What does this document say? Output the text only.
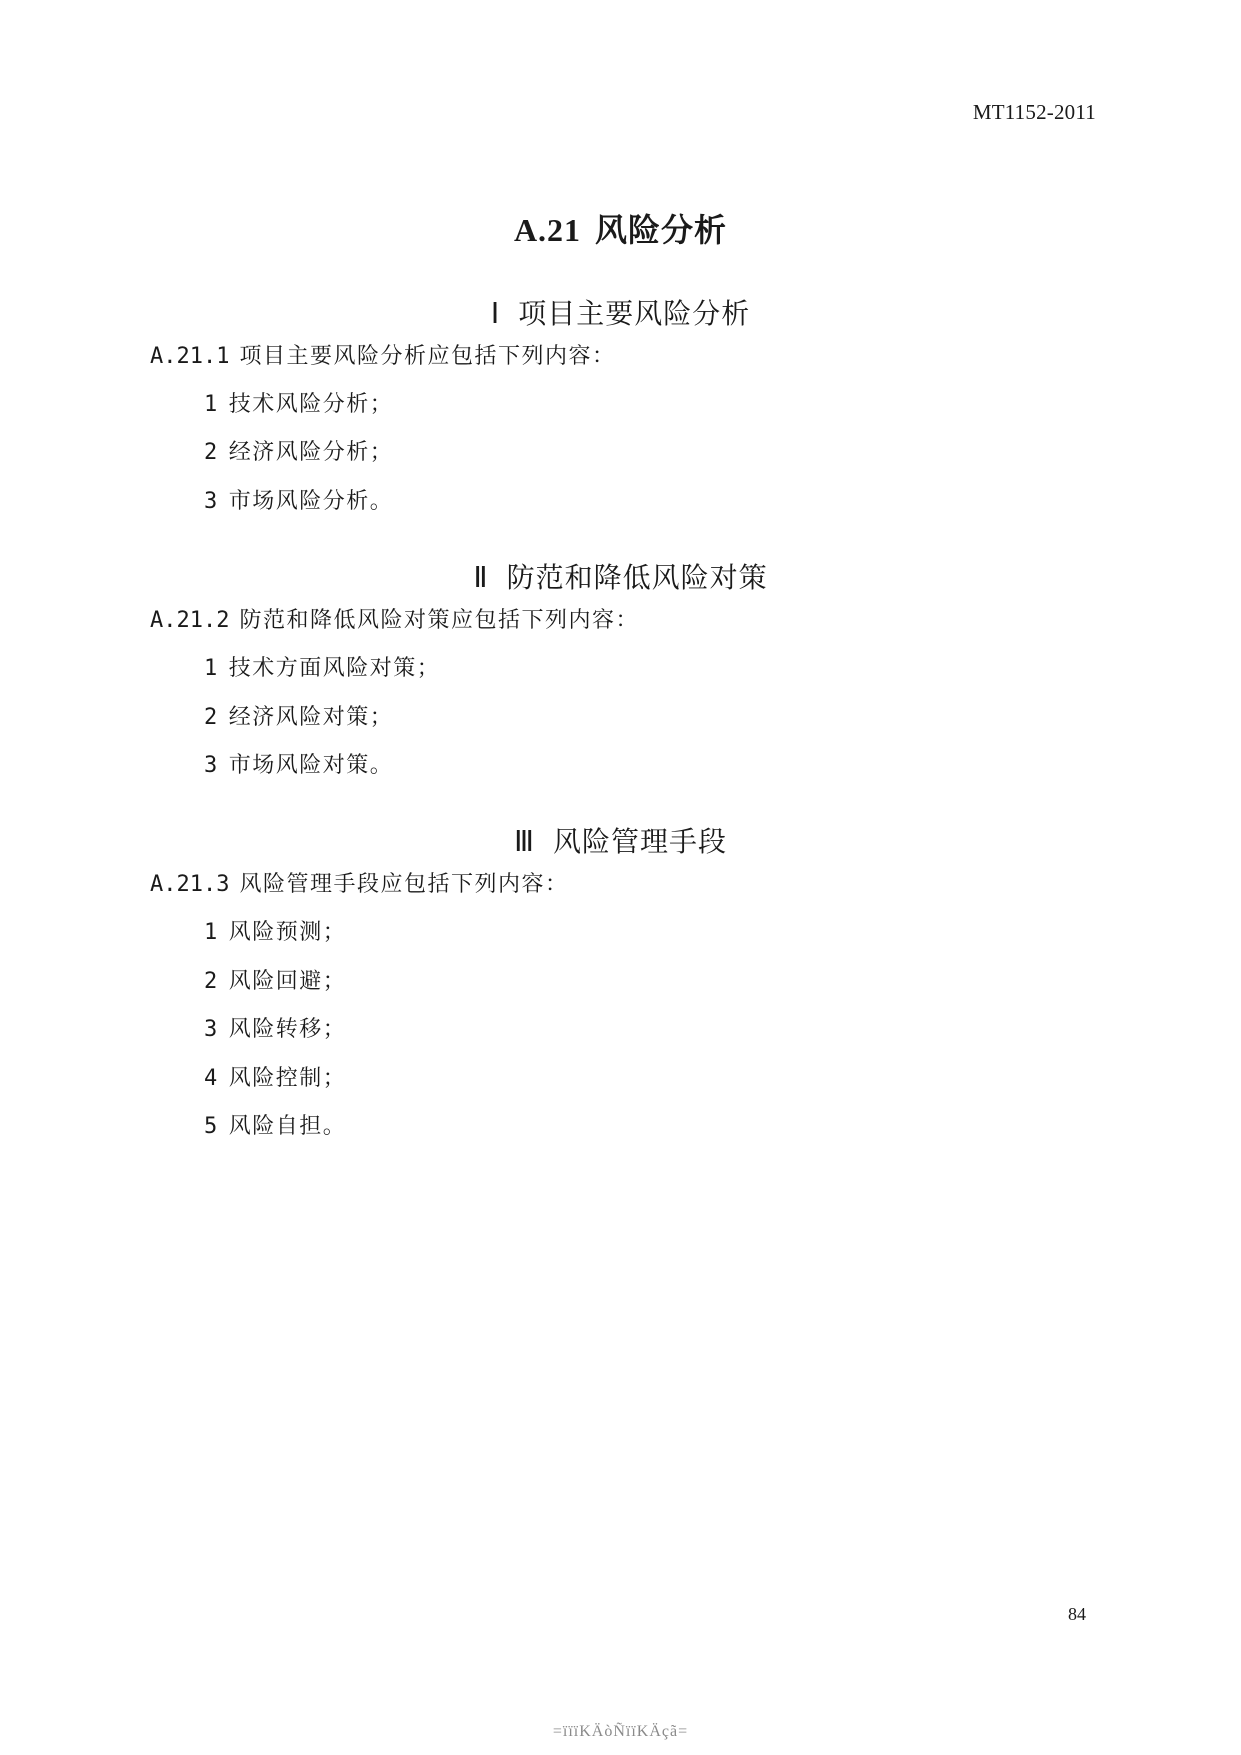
MT1152-2011
A.21 风险分析
Ⅰ 项目主要风险分析
A.21.1 项目主要风险分析应包括下列内容：
1 技术风险分析；
2 经济风险分析；
3 市场风险分析。
Ⅱ 防范和降低风险对策
A.21.2 防范和降低风险对策应包括下列内容：
1 技术方面风险对策；
2 经济风险对策；
3 市场风险对策。
Ⅲ 风险管理手段
A.21.3 风险管理手段应包括下列内容：
1 风险预测；
2 风险回避；
3 风险转移；
4 风险控制；
5 风险自担。
84
=ïïïKÄòÑïïKÄçã=
